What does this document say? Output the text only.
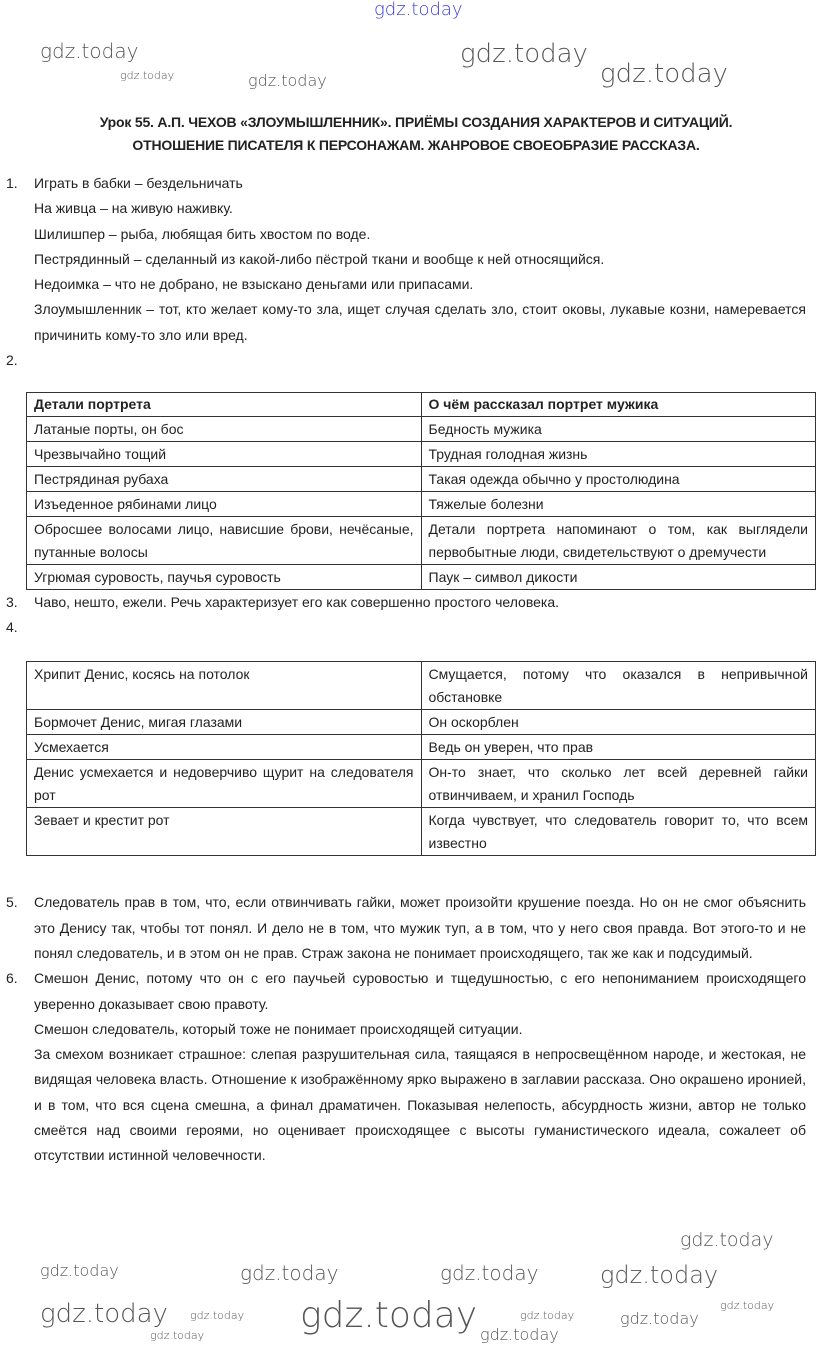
gdz.today
Урок 55. А.П. ЧЕХОВ «ЗЛОУМЫШЛЕННИК». ПРИЁМЫ СОЗДАНИЯ ХАРАКТЕРОВ И СИТУАЦИЙ.
ОТНОШЕНИЕ ПИСАТЕЛЯ К ПЕРСОНАЖАМ. ЖАНРОВОЕ СВОЕОБРАЗИЕ РАССКАЗА.
1. Играть в бабки – бездельничать

На живца – на живую наживку.

Шилишпер – рыба, любящая бить хвостом по воде.

Пестрядинный – сделанный из какой-либо пёстрой ткани и вообще к ней относящийся.

Недоимка – что не добрано, не взыскано деньгами или припасами.

Злоумышленник – тот, кто желает кому-то зла, ищет случая сделать зло, стоит оковы, лукавые козни, намеревается причинить кому-то зло или вред.

2.
Детали портрета	О чём рассказал портрет мужика
Латаные порты, он бос	Бедность мужика
Чрезвычайно тощий	Трудная голодная жизнь
Пестрядиная рубаха	Такая одежда обычно у простолюдина
Изъеденное рябинами лицо	Тяжелые болезни
Обросшее волосами лицо, нависшие брови, нечёсаные, путанные волосы	Детали портрета напоминают о том, как выглядели первобытные люди, свидетельствуют о дремучести
Угрюмая суровость, паучья суровость	Паук – символ дикости
3. Чаво, нешто, ежели. Речь характеризует его как совершенно простого человека.

4.
Хрипит Денис, косясь на потолок	Смущается, потому что оказался в непривычной обстановке
Бормочет Денис, мигая глазами	Он оскорблен
Усмехается	Ведь он уверен, что прав
Денис усмехается и недоверчиво щурит на следователя рот	Он-то знает, что сколько лет всей деревней гайки отвинчиваем, и хранил Господь
Зевает и крестит рот	Когда чувствует, что следователь говорит то, что всем известно
5. Следователь прав в том, что, если отвинчивать гайки, может произойти крушение поезда. Но он не смог объяснить это Денису так, чтобы тот понял. И дело не в том, что мужик туп, а в том, что у него своя правда. Вот этого-то и не понял следователь, и в этом он не прав. Страж закона не понимает происходящего, так же как и подсудимый.

6. Смешон Денис, потому что он с его паучьей суровостью и тщедушностью, с его непониманием происходящего уверенно доказывает свою правоту.

Смешон следователь, который тоже не понимает происходящей ситуации.

За смехом возникает страшное: слепая разрушительная сила, таящаяся в непросвещённом народе, и жестокая, не видящая человека власть. Отношение к изображённому ярко выражено в заглавии рассказа. Оно окрашено иронией, и в том, что вся сцена смешна, а финал драматичен. Показывая нелепость, абсурдность жизни, автор не только смеётся над своими героями, но оценивает происходящее с высоты гуманистического идеала, сожалеет об отсутствии истинной человечности.

gdz.today
gdz.today	gdz.today
gdz.today
gdz.today
gdz.today
gdz.today	gdz.today
gdz.today	gdz.today
gdz.today	gdz.today
gdz.today
gdz.today
gdz.today
gdz.today
gdz.today
gdz.today
